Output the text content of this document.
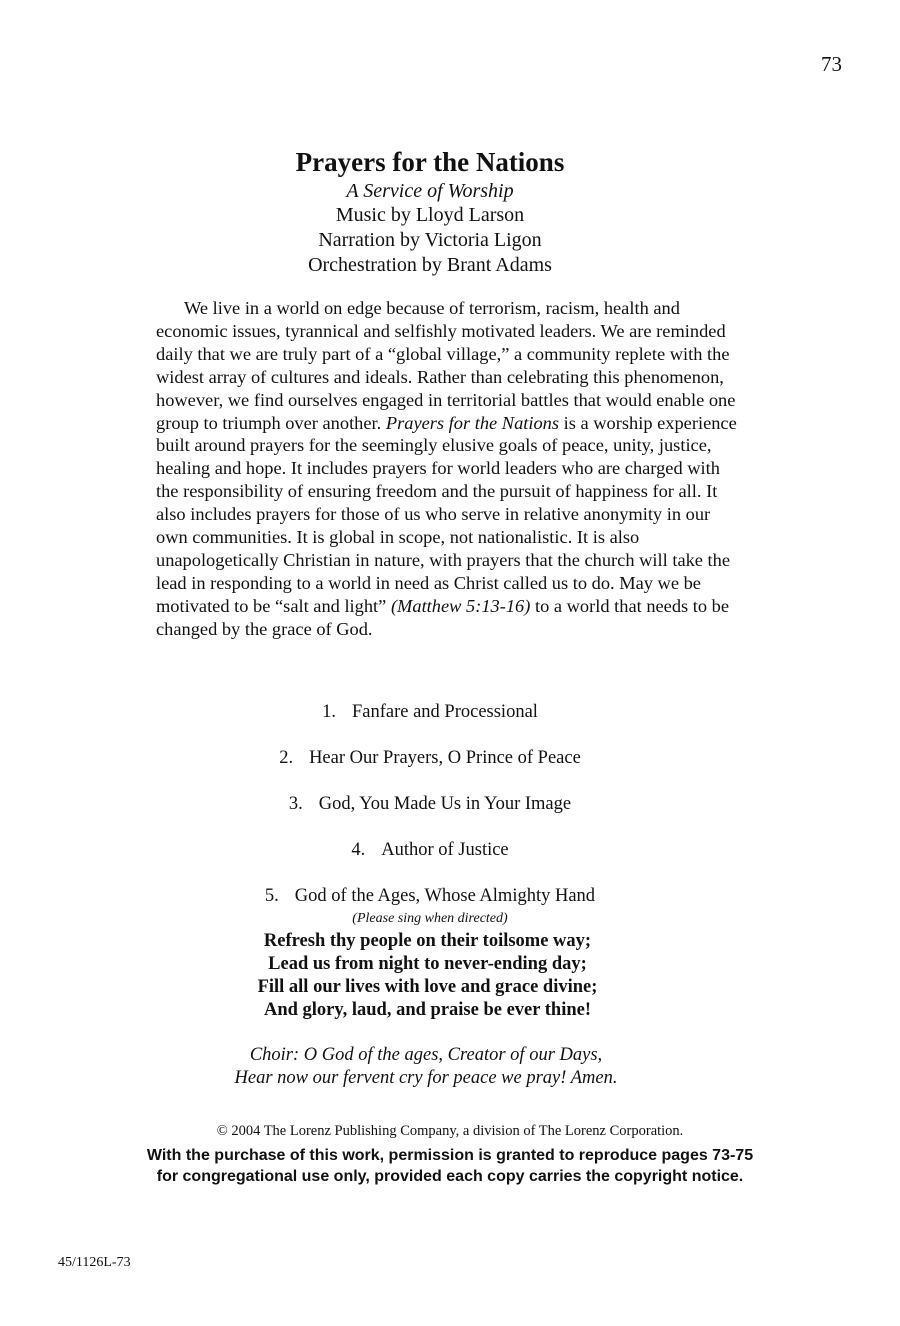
73
Prayers for the Nations
A Service of Worship
Music by Lloyd Larson
Narration by Victoria Ligon
Orchestration by Brant Adams

We live in a world on edge because of terrorism, racism, health and economic issues, tyrannical and selfishly motivated leaders. We are reminded daily that we are truly part of a “global village,” a community replete with the widest array of cultures and ideals. Rather than celebrating this phenomenon, however, we find ourselves engaged in territorial battles that would enable one group to triumph over another. Prayers for the Nations is a worship experience built around prayers for the seemingly elusive goals of peace, unity, justice, healing and hope. It includes prayers for world leaders who are charged with the responsibility of ensuring freedom and the pursuit of happiness for all. It also includes prayers for those of us who serve in relative anonymity in our own communities. It is global in scope, not nationalistic. It is also unapologetically Christian in nature, with prayers that the church will take the lead in responding to a world in need as Christ called us to do. May we be motivated to be “salt and light” (Matthew 5:13-16) to a world that needs to be changed by the grace of God.

1. Fanfare and Processional
2. Hear Our Prayers, O Prince of Peace
3. God, You Made Us in Your Image
4. Author of Justice
5. God of the Ages, Whose Almighty Hand
(Please sing when directed)
Refresh thy people on their toilsome way;
Lead us from night to never-ending day;
Fill all our lives with love and grace divine;
And glory, laud, and praise be ever thine!
Choir: O God of the ages, Creator of our Days,
Hear now our fervent cry for peace we pray! Amen.
© 2004 The Lorenz Publishing Company, a division of The Lorenz Corporation.
With the purchase of this work, permission is granted to reproduce pages 73-75
for congregational use only, provided each copy carries the copyright notice.
45/1126L-73
